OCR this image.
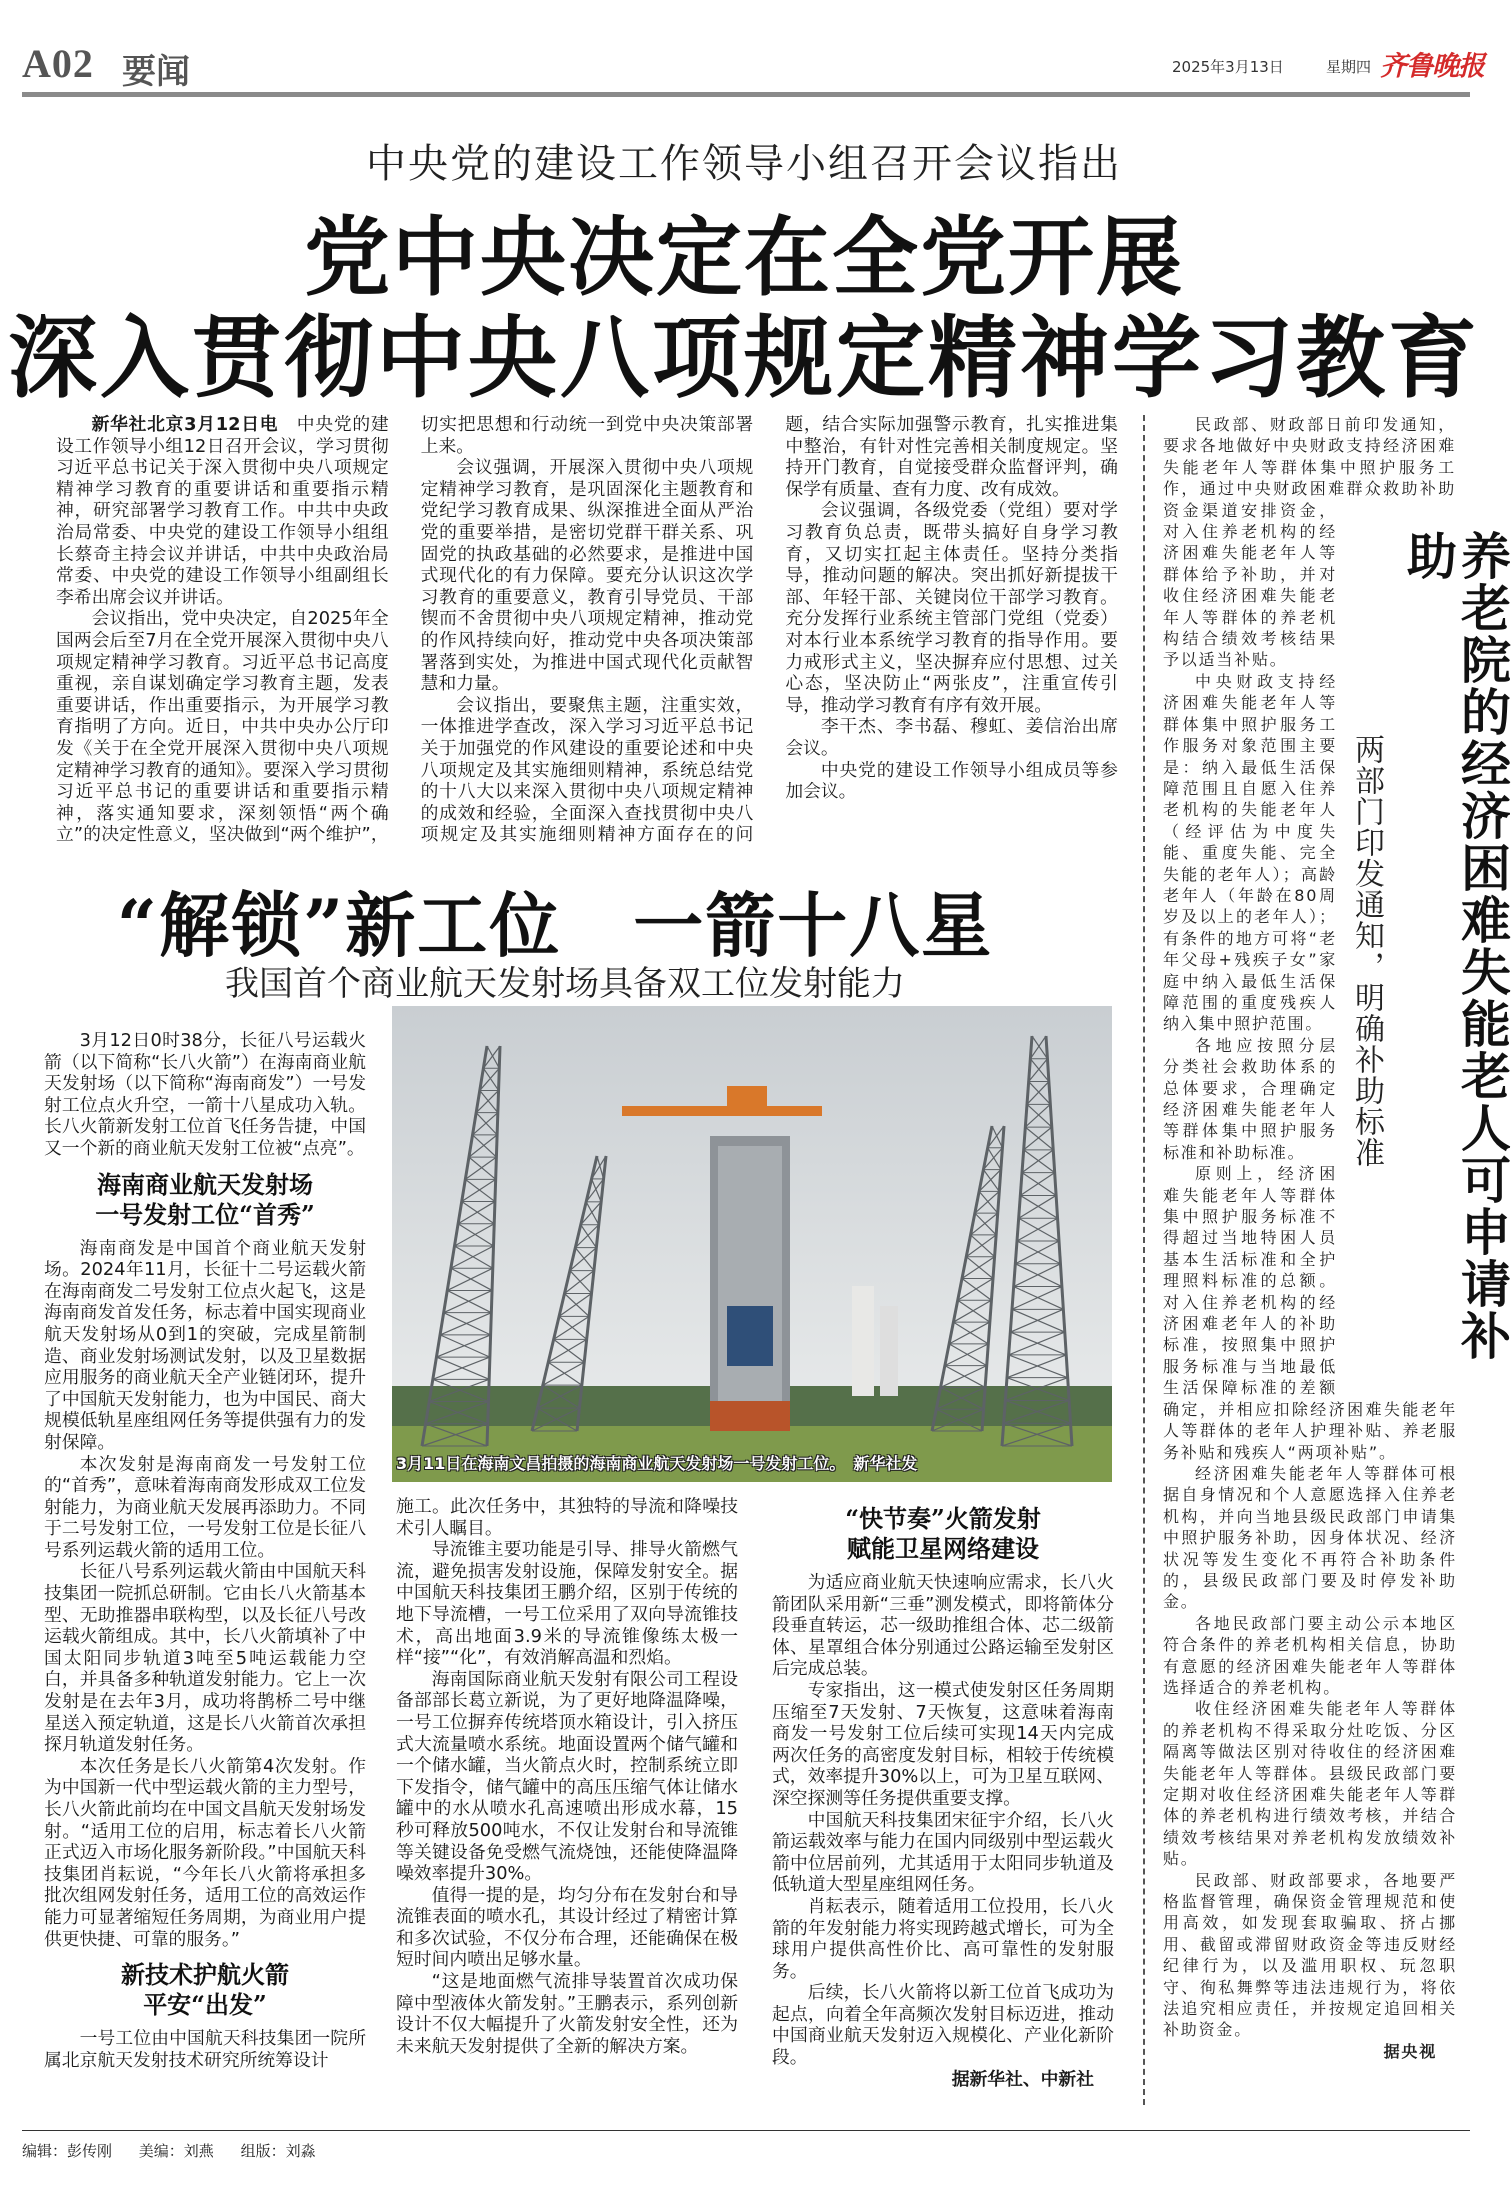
A02 要闻	2025年3月13日	星期四 齐鲁晚报
中央党的建设工作领导小组召开会议指出
党中央决定在全党开展
深入贯彻中央八项规定精神学习教育

新华社北京3月12日电　 中央党的建设工作领导小组12日召开会议，学习贯彻习近平总书记关于深入贯彻中央八项规定精神学习教育的重要讲话和重要指示精神，研究部署学习教育工作。中共中央政治局常委、中央党的建设工作领导小组组长蔡奇主持会议并讲话，中共中央政治局常委、中央党的建设工作领导小组副组长李希出席会议并讲话。

会议指出，党中央决定，自2025年全国两会后至7月在全党开展深入贯彻中央八项规定精神学习教育。习近平总书记高度重视，亲自谋划确定学习教育主题，发表重要讲话，作出重要指示，为开展学习教育指明了方向。近日，中共中央办公厅印发《关于在全党开展深入贯彻中央八项规定精神学习教育的通知》。要深入学习贯彻习近平总书记的重要讲话和重要指示精神，落实通知要求，深刻领悟“两个确立”的决定性意义，坚决做到“两个维护”，切实把思想和行动统一到党中央决策部署上来。

会议强调，开展深入贯彻中央八项规定精神学习教育，是巩固深化主题教育和党纪学习教育成果、纵深推进全面从严治党的重要举措，是密切党群干群关系、巩固党的执政基础的必然要求，是推进中国式现代化的有力保障。要充分认识这次学习教育的重要意义，教育引导党员、干部锲而不舍贯彻中央八项规定精神，推动党的作风持续向好，推动党中央各项决策部署落到实处，为推进中国式现代化贡献智慧和力量。

会议指出，要聚焦主题，注重实效，一体推进学查改，深入学习习近平总书记关于加强党的作风建设的重要论述和中央八项规定及其实施细则精神，系统总结党的十八大以来深入贯彻中央八项规定精神的成效和经验，全面深入查找贯彻中央八项规定及其实施细则精神方面存在的问题，结合实际加强警示教育，扎实推进集中整治，有针对性完善相关制度规定。坚持开门教育，自觉接受群众监督评判，确保学有质量、查有力度、改有成效。

会议强调，各级党委（党组）要对学习教育负总责，既带头搞好自身学习教育，又切实扛起主体责任。坚持分类指导，推动问题的解决。突出抓好新提拔干部、年轻干部、关键岗位干部学习教育。充分发挥行业系统主管部门党组（党委）对本行业本系统学习教育的指导作用。要力戒形式主义，坚决摒弃应付思想、过关心态，坚决防止“两张皮”，注重宣传引导，推动学习教育有序有效开展。

李干杰、李书磊、穆虹、姜信治出席会议。

中央党的建设工作领导小组成员等参加会议。	两部门印发通知，明确补助标准	养老院的经济困难失能老人可申请补助

民政部、财政部日前印发通知，要求各地做好中央财政支持经济困难失能老年人等群体集中照护服务工作，通过中央财政困难群众救助补助资金渠道安排资金，对入住养老机构的经济困难失能老年人等群体给予补助，并对收住经济困难失能老年人等群体的养老机构结合绩效考核结果予以适当补贴。

中央财政支持经济困难失能老年人等群体集中照护服务工作服务对象范围主要是：纳入最低生活保障范围且自愿入住养老机构的失能老年人（经评估为中度失能、重度失能、完全失能的老年人）；高龄老年人（年龄在80周岁及以上的老年人）；有条件的地方可将“老年父母+残疾子女”家庭中纳入最低生活保障范围的重度残疾人纳入集中照护范围。

各地应按照分层分类社会救助体系的总体要求，合理确定经济困难失能老年人等群体集中照护服务标准和补助标准。

原则上，经济困难失能老年人等群体集中照护服务标准不得超过当地特困人员基本生活标准和全护理照料标准的总额。对入住养老机构的经济困难老年人的补助标准，按照集中照护服务标准与当地最低生活保障标准的差额确定，并相应扣除经济困难失能老年人等群体的老年人护理补贴、养老服务补贴和残疾人“两项补贴”。

经济困难失能老年人等群体可根据自身情况和个人意愿选择入住养老机构，并向当地县级民政部门申请集中照护服务补助，因身体状况、经济状况等发生变化不再符合补助条件的，县级民政部门要及时停发补助金。

各地民政部门要主动公示本地区符合条件的养老机构相关信息，协助有意愿的经济困难失能老年人等群体选择适合的养老机构。

收住经济困难失能老年人等群体的养老机构不得采取分灶吃饭、分区隔离等做法区别对待收住的经济困难失能老年人等群体。县级民政部门要定期对收住经济困难失能老年人等群体的养老机构进行绩效考核，并结合绩效考核结果对养老机构发放绩效补贴。

民政部、财政部要求，各地要严格监督管理，确保资金管理规范和使用高效，如发现套取骗取、挤占挪用、截留或滞留财政资金等违反财经纪律行为，以及滥用职权、玩忽职守、徇私舞弊等违法违规行为，将依法追究相应责任，并按规定追回相关补助资金。

据央视

“解锁”新工位　一箭十八星
我国首个商业航天发射场具备双工位发射能力

3月12日0时38分，长征八号运载火箭（以下简称“长八火箭”）在海南商业航天发射场（以下简称“海南商发”）一号发射工位点火升空，一箭十八星成功入轨。长八火箭新发射工位首飞任务告捷，中国又一个新的商业航天发射工位被“点亮”。

海南商业航天发射场
一号发射工位“首秀”

海南商发是中国首个商业航天发射场。2024年11月，长征十二号运载火箭在海南商发二号发射工位点火起飞，这是海南商发首发任务，标志着中国实现商业航天发射场从0到1的突破，完成星箭制造、商业发射场测试发射，以及卫星数据应用服务的商业航天全产业链闭环，提升了中国航天发射能力，也为中国民、商大规模低轨星座组网任务等提供强有力的发射保障。

本次发射是海南商发一号发射工位的“首秀”，意味着海南商发形成双工位发射能力，为商业航天发展再添助力。不同于二号发射工位，一号发射工位是长征八号系列运载火箭的适用工位。

长征八号系列运载火箭由中国航天科技集团一院抓总研制。它由长八火箭基本型、无助推器串联构型，以及长征八号改运载火箭组成。其中，长八火箭填补了中国太阳同步轨道3吨至5吨运载能力空白，并具备多种轨道发射能力。它上一次发射是在去年3月，成功将鹊桥二号中继星送入预定轨道，这是长八火箭首次承担探月轨道发射任务。

本次任务是长八火箭第4次发射。作为中国新一代中型运载火箭的主力型号，长八火箭此前均在中国文昌航天发射场发射。“适用工位的启用，标志着长八火箭正式迈入市场化服务新阶段。”中国航天科技集团肖耘说，“今年长八火箭将承担多批次组网发射任务，适用工位的高效运作能力可显著缩短任务周期，为商业用户提供更快捷、可靠的服务。”

新技术护航火箭
平安“出发”

一号工位由中国航天科技集团一院所属北京航天发射技术研究所统筹设计

3月11日在海南文昌拍摄的海南商业航天发射场一号发射工位。　新华社发

施工。此次任务中，其独特的导流和降噪技术引人瞩目。

导流锥主要功能是引导、排导火箭燃气流，避免损害发射设施，保障发射安全。据中国航天科技集团王鹏介绍，区别于传统的地下导流槽，一号工位采用了双向导流锥技术，高出地面3.9米的导流锥像练太极一样“接”“化”，有效消解高温和烈焰。

海南国际商业航天发射有限公司工程设备部部长葛立新说，为了更好地降温降噪，一号工位摒弃传统塔顶水箱设计，引入挤压式大流量喷水系统。地面设置两个储气罐和一个储水罐，当火箭点火时，控制系统立即下发指令，储气罐中的高压压缩气体让储水罐中的水从喷水孔高速喷出形成水幕，15秒可释放500吨水，不仅让发射台和导流锥等关键设备免受燃气流烧蚀，还能使降温降噪效率提升30%。

值得一提的是，均匀分布在发射台和导流锥表面的喷水孔，其设计经过了精密计算和多次试验，不仅分布合理，还能确保在极短时间内喷出足够水量。

“这是地面燃气流排导装置首次成功保障中型液体火箭发射。”王鹏表示，系列创新设计不仅大幅提升了火箭发射安全性，还为未来航天发射提供了全新的解决方案。

“快节奏”火箭发射
赋能卫星网络建设

为适应商业航天快速响应需求，长八火箭团队采用新“三垂”测发模式，即将箭体分段垂直转运，芯一级助推组合体、芯二级箭体、星罩组合体分别通过公路运输至发射区后完成总装。

专家指出，这一模式使发射区任务周期压缩至7天发射、7天恢复，这意味着海南商发一号发射工位后续可实现14天内完成两次任务的高密度发射目标，相较于传统模式，效率提升30%以上，可为卫星互联网、深空探测等任务提供重要支撑。

中国航天科技集团宋征宇介绍，长八火箭运载效率与能力在国内同级别中型运载火箭中位居前列，尤其适用于太阳同步轨道及低轨道大型星座组网任务。

肖耘表示，随着适用工位投用，长八火箭的年发射能力将实现跨越式增长，可为全球用户提供高性价比、高可靠性的发射服务。

后续，长八火箭将以新工位首飞成功为起点，向着全年高频次发射目标迈进，推动中国商业航天发射迈入规模化、产业化新阶段。

据新华社、中新社

编辑：彭传刚 美编：刘燕 组版：刘淼
